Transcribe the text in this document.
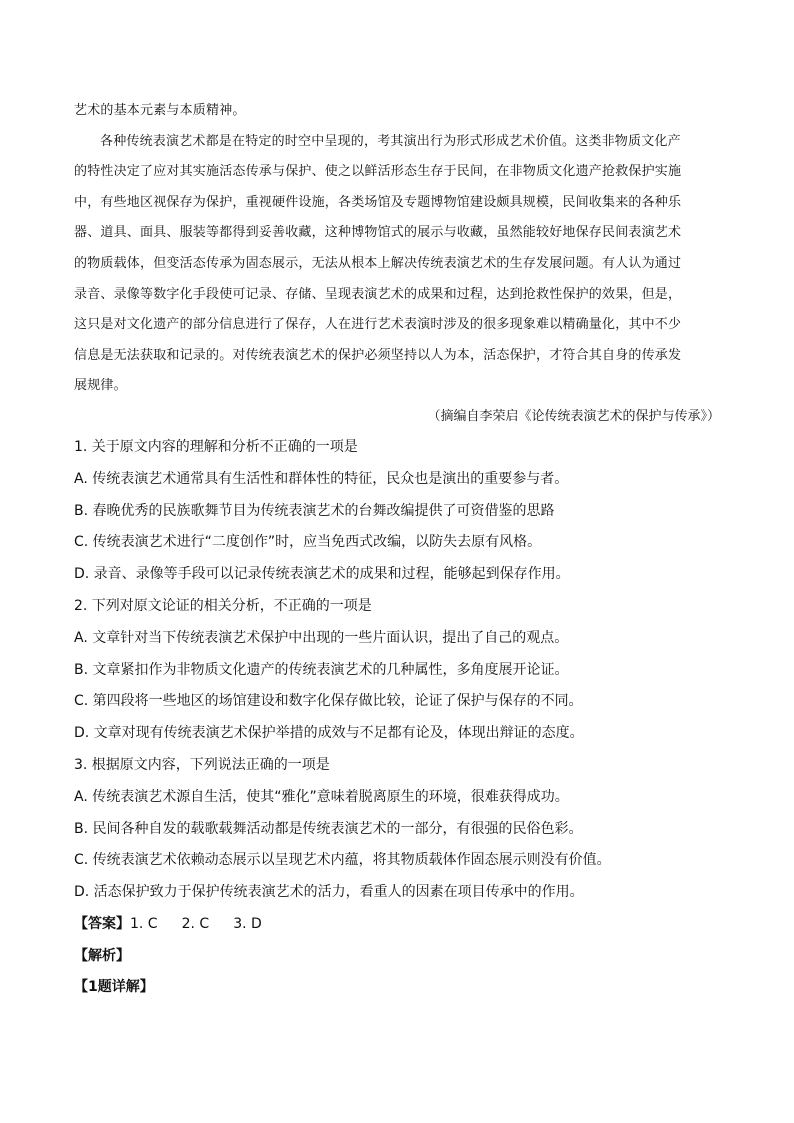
艺术的基本元素与本质精神。
各种传统表演艺术都是在特定的时空中呈现的，考其演出行为形式形成艺术价值。这类非物质文化产
的特性决定了应对其实施活态传承与保护、使之以鲜活形态生存于民间，在非物质文化遗产抢救保护实施
中，有些地区视保存为保护，重视硬件设施，各类场馆及专题博物馆建设颇具规模，民间收集来的各种乐
器、道具、面具、服装等都得到妥善收藏，这种博物馆式的展示与收藏，虽然能较好地保存民间表演艺术
的物质载体，但变活态传承为固态展示，无法从根本上解决传统表演艺术的生存发展问题。有人认为通过
录音、录像等数字化手段使可记录、存储、呈现表演艺术的成果和过程，达到抢救性保护的效果，但是，
这只是对文化遗产的部分信息进行了保存，人在进行艺术表演时涉及的很多现象难以精确量化，其中不少
信息是无法获取和记录的。对传统表演艺术的保护必须坚持以人为本，活态保护，才符合其自身的传承发
展规律。
（摘编自李荣启《论传统表演艺术的保护与传承》）
1. 关于原文内容的理解和分析不正确的一项是
A. 传统表演艺术通常具有生活性和群体性的特征，民众也是演出的重要参与者。
B. 春晚优秀的民族歌舞节目为传统表演艺术的台舞改编提供了可资借鉴的思路
C. 传统表演艺术进行“二度创作”时，应当免西式改编，以防失去原有风格。
D. 录音、录像等手段可以记录传统表演艺术的成果和过程，能够起到保存作用。
2. 下列对原文论证的相关分析，不正确的一项是
A. 文章针对当下传统表演艺术保护中出现的一些片面认识，提出了自己的观点。
B. 文章紧扣作为非物质文化遗产的传统表演艺术的几种属性，多角度展开论证。
C. 第四段将一些地区的场馆建设和数字化保存做比较，论证了保护与保存的不同。
D. 文章对现有传统表演艺术保护举措的成效与不足都有论及，体现出辩证的态度。
3. 根据原文内容，下列说法正确的一项是
A. 传统表演艺术源自生活，使其“雅化”意味着脱离原生的环境，很难获得成功。
B. 民间各种自发的载歌载舞活动都是传统表演艺术的一部分，有很强的民俗色彩。
C. 传统表演艺术依赖动态展示以呈现艺术内蕴，将其物质载体作固态展示则没有价值。
D. 活态保护致力于保护传统表演艺术的活力，看重人的因素在项目传承中的作用。
【答案】1. C 2. C 3. D
【解析】
【1题详解】
